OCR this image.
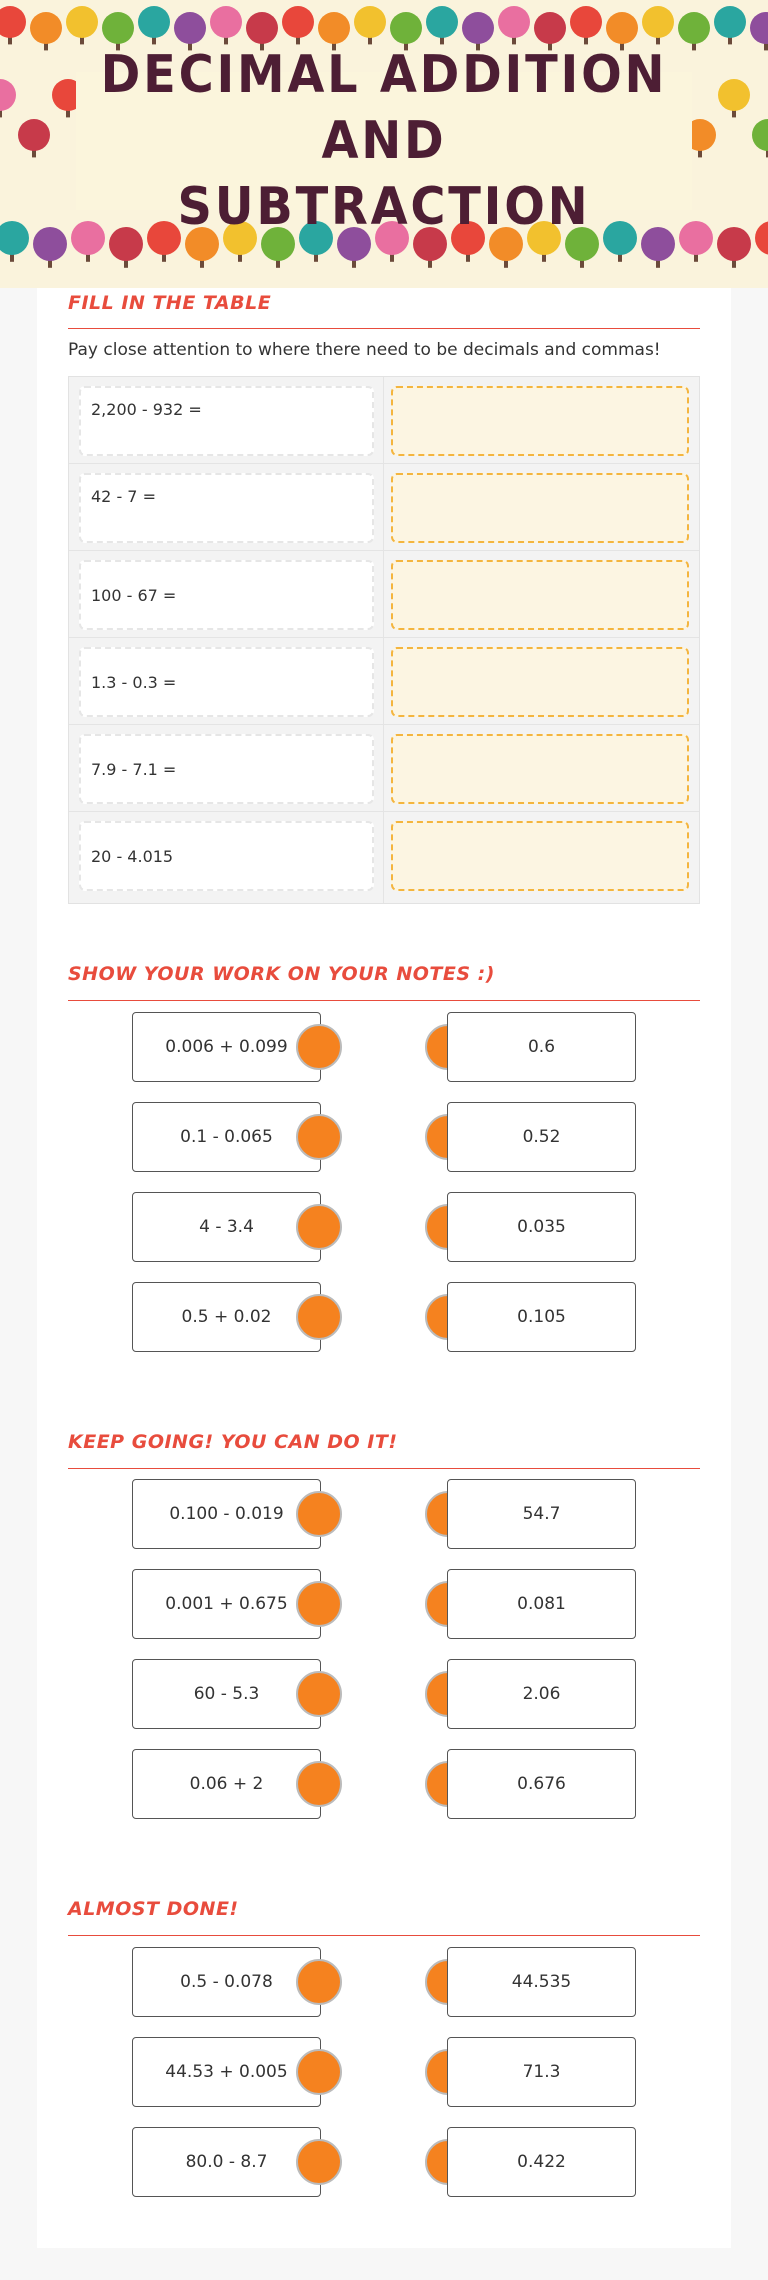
DECIMAL ADDITION AND
SUBTRACTION
FILL IN THE TABLE
Pay close attention to where there need to be decimals and commas!
2,200 - 932 =
42 - 7 =
100 - 67 =
1.3 - 0.3 =
7.9 - 7.1 =
20 - 4.015
SHOW YOUR WORK ON YOUR NOTES :)
0.006 + 0.099	0.6
0.1 - 0.065	0.52
4 - 3.4	0.035
0.5 + 0.02	0.105
KEEP GOING! YOU CAN DO IT!
0.100 - 0.019	54.7
0.001 + 0.675	0.081
60 - 5.3	2.06
0.06 + 2	0.676
ALMOST DONE!
0.5 - 0.078	44.535
44.53 + 0.005	71.3
80.0 - 8.7	0.422
